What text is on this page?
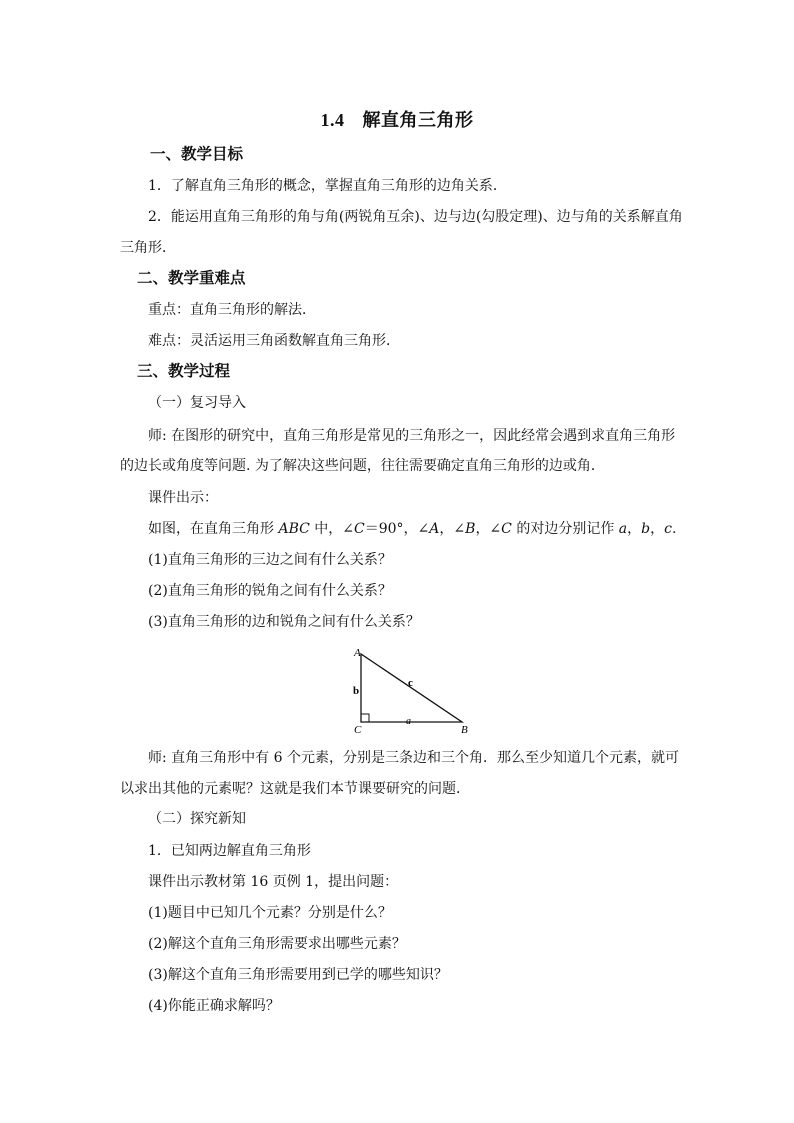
1.4 解直角三角形
一、教学目标
1．了解直角三角形的概念，掌握直角三角形的边角关系．
2．能运用直角三角形的角与角(两锐角互余)、边与边(勾股定理)、边与角的关系解直角
三角形．
二、教学重难点
重点：直角三角形的解法．
难点：灵活运用三角函数解直角三角形．
三、教学过程
（一）复习导入
师: 在图形的研究中，直角三角形是常见的三角形之一，因此经常会遇到求直角三角形
的边长或角度等问题. 为了解决这些问题，往往需要确定直角三角形的边或角．
课件出示：
如图，在直角三角形 ABC 中，∠C＝90°，∠A，∠B，∠C 的对边分别记作 a，b，c.
(1)直角三角形的三边之间有什么关系？
(2)直角三角形的锐角之间有什么关系？
(3)直角三角形的边和锐角之间有什么关系？
A
B
C
a
b
c
师: 直角三角形中有 6 个元素，分别是三条边和三个角．那么至少知道几个元素，就可
以求出其他的元素呢？这就是我们本节课要研究的问题．
（二）探究新知
1．已知两边解直角三角形
课件出示教材第 16 页例 1，提出问题：
(1)题目中已知几个元素？分别是什么？
(2)解这个直角三角形需要求出哪些元素？
(3)解这个直角三角形需要用到已学的哪些知识？
(4)你能正确求解吗？
